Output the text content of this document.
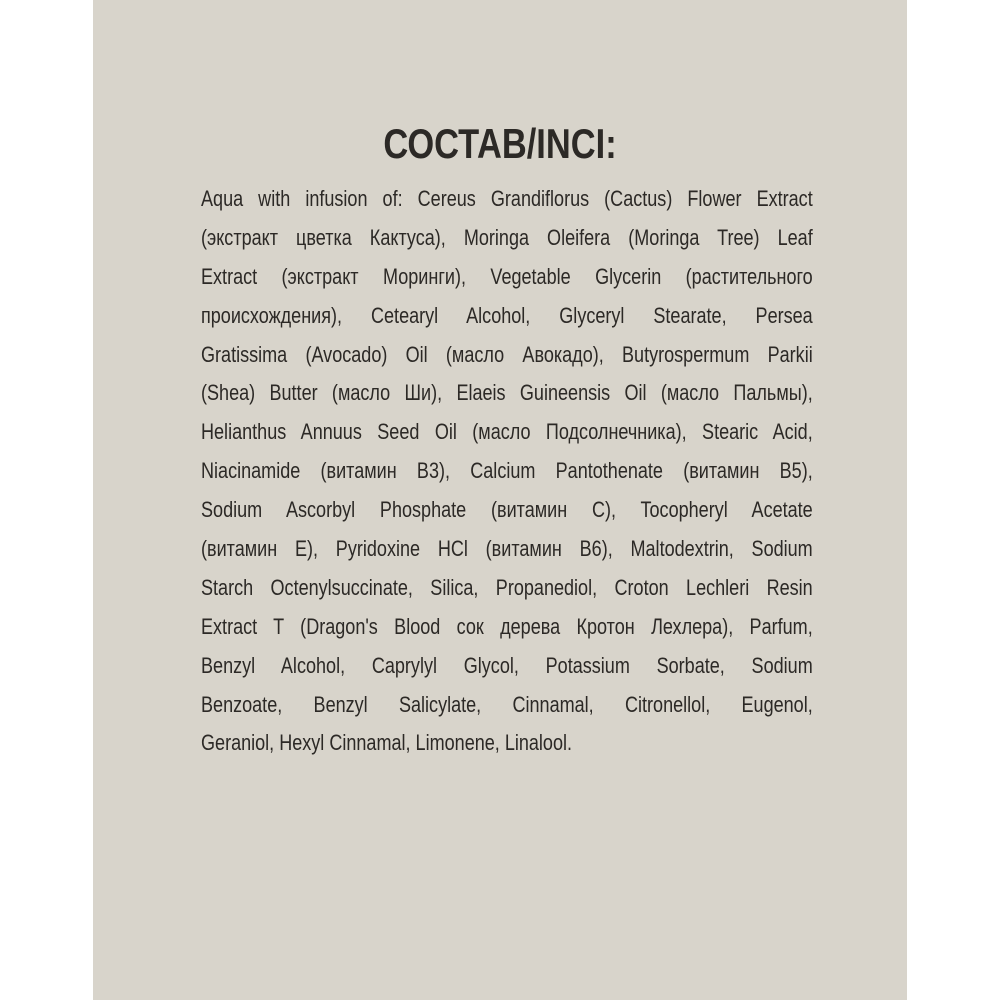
СОСТАВ/INCI:
Aqua with infusion of: Cereus Grandiflorus (Cactus) Flower Extract
(экстракт цветка Кактуса), Moringa Oleifera (Moringa Tree) Leaf
Extract (экстракт Моринги), Vegetable Glycerin (растительного
происхождения), Cetearyl Alcohol, Glyceryl Stearate, Persea
Gratissima (Avocado) Oil (масло Авокадо), Butyrospermum Parkii
(Shea) Butter (масло Ши), Elaeis Guineensis Oil (масло Пальмы),
Helianthus Annuus Seed Oil (масло Подсолнечника), Stearic Acid,
Niacinamide (витамин B3), Calcium Pantothenate (витамин B5),
Sodium Ascorbyl Phosphate (витамин C), Tocopheryl Acetate
(витамин E), Pyridoxine HCl (витамин B6), Maltodextrin, Sodium
Starch Octenylsuccinate, Silica, Propanediol, Croton Lechleri Resin
Extract T (Dragon's Blood сок дерева Кротон Лехлера), Parfum,
Benzyl Alcohol, Caprylyl Glycol, Potassium Sorbate, Sodium
Benzoate, Benzyl Salicylate, Cinnamal, Citronellol, Eugenol,
Geraniol, Hexyl Cinnamal, Limonene, Linalool.
